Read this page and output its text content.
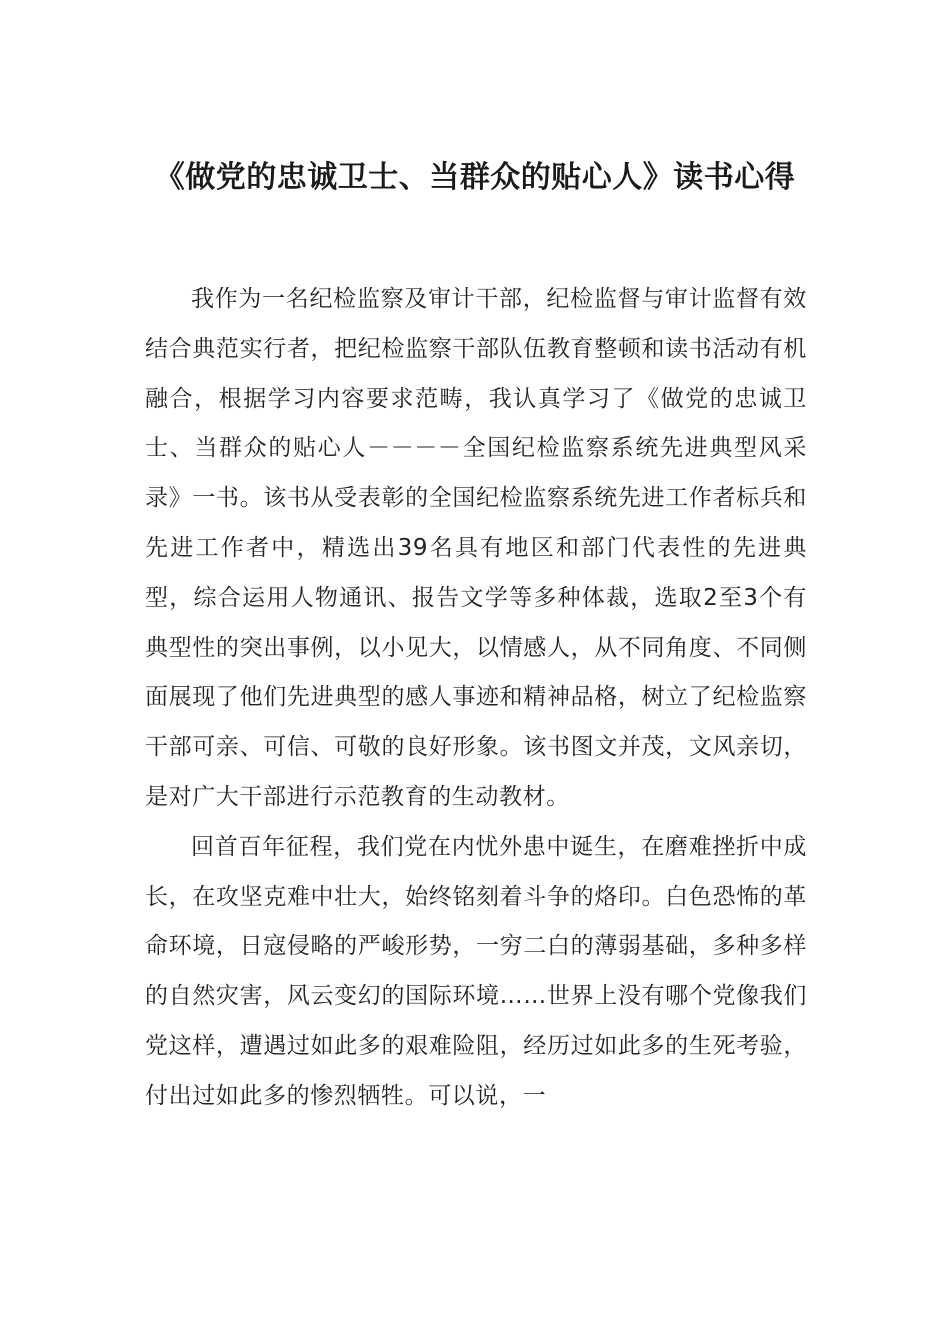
《做党的忠诚卫士、当群众的贴心人》读书心得

我作为一名纪检监察及审计干部，纪检监督与审计监督有效结合典范实行者，把纪检监察干部队伍教育整顿和读书活动有机融合，根据学习内容要求范畴，我认真学习了《做党的忠诚卫士、当群众的贴心人－－－－全国纪检监察系统先进典型风采录》一书。该书从受表彰的全国纪检监察系统先进工作者标兵和先进工作者中，精选出39名具有地区和部门代表性的先进典型，综合运用人物通讯、报告文学等多种体裁，选取2至3个有典型性的突出事例，以小见大，以情感人，从不同角度、不同侧面展现了他们先进典型的感人事迹和精神品格，树立了纪检监察干部可亲、可信、可敬的良好形象。该书图文并茂，文风亲切，是对广大干部进行示范教育的生动教材。

回首百年征程，我们党在内忧外患中诞生，在磨难挫折中成长，在攻坚克难中壮大，始终铭刻着斗争的烙印。白色恐怖的革命环境，日寇侵略的严峻形势，一穷二白的薄弱基础，多种多样的自然灾害，风云变幻的国际环境……世界上没有哪个党像我们党这样，遭遇过如此多的艰难险阻，经历过如此多的生死考验，付出过如此多的惨烈牺牲。可以说，一
